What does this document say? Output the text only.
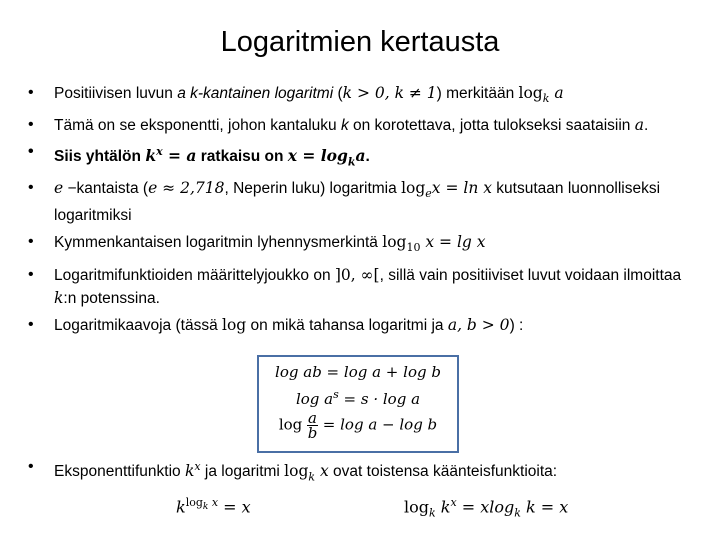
Logaritmien kertausta
• Positiivisen luvun a k-kantainen logaritmi (k > 0, k ≠ 1) merkitään $\log_k a$
• Tämä on se eksponentti, johon kantaluku k on korotettava, jotta tulokseksi saataisiin a.
• Siis yhtälön $k^x = a$ ratkaisu on $x = \log_ka$.
• e −kantaista (e ≈ 2,718, Neperin luku) logaritmia $\log_ex = \ln x$ kutsutaan luonnolliseksi logaritmiksi
• Kymmenkantaisen logaritmin lyhennysmerkintä $\log_{10} x = \lg x$
• Logaritmifunktioiden määrittelyjoukko on ]0, ∞[, sillä vain positiiviset luvut voidaan ilmoittaa k:n potenssina.
• Logaritmikaavoja (tässä log on mikä tahansa logaritmi ja a, b > 0) :
log ab = log a + log b
$\log a^s = s \cdot \log a$
$\log \frac{a}{b} = \log a - \log b$
• Eksponenttifunktio $k^x$ ja logaritmi $\log_k x$ ovat toistensa käänteisfunktioita:
$k^{log_k x} = x$	$\log_k k^x = xlog_k$ k = x
